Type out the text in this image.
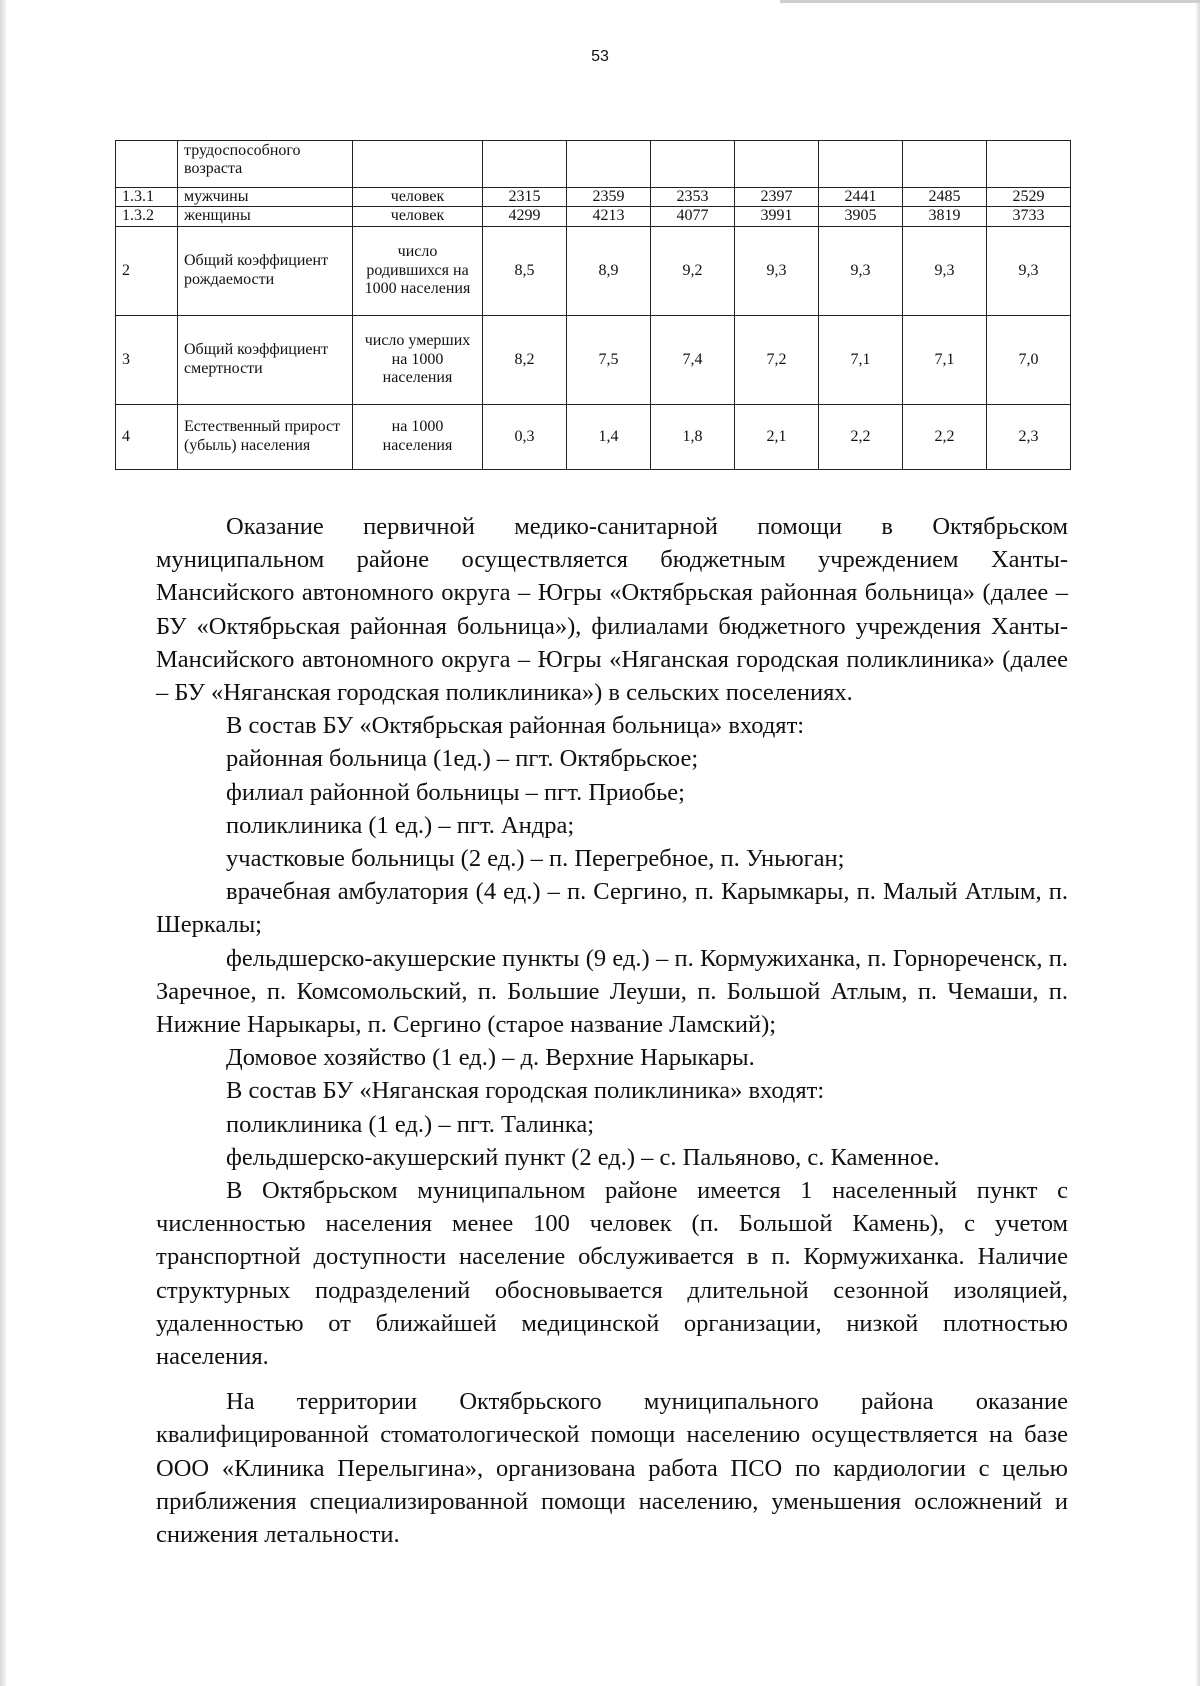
53
	трудоспособного возраста								
1.3.1	мужчины	человек	2315	2359	2353	2397	2441	2485	2529
1.3.2	женщины	человек	4299	4213	4077	3991	3905	3819	3733
2	Общий коэффициент рождаемости	число родившихся на 1000 населения	8,5	8,9	9,2	9,3	9,3	9,3	9,3
3	Общий коэффициент смертности	число умерших на 1000 населения	8,2	7,5	7,4	7,2	7,1	7,1	7,0
4	Естественный прирост (убыль) населения	на 1000 населения	0,3	1,4	1,8	2,1	2,2	2,2	2,3

Оказание первичной медико-санитарной помощи в Октябрьском муниципальном районе осуществляется бюджетным учреждением Ханты-Мансийского автономного округа – Югры «Октябрьская районная больница» (далее – БУ «Октябрьская районная больница»), филиалами бюджетного учреждения Ханты-Мансийского автономного округа – Югры «Няганская городская поликлиника» (далее – БУ «Няганская городская поликлиника») в сельских поселениях.

В состав БУ «Октябрьская районная больница» входят:

районная больница (1ед.) – пгт. Октябрьское;

филиал районной больницы – пгт. Приобье;

поликлиника (1 ед.) – пгт. Андра;

участковые больницы (2 ед.) – п. Перегребное, п. Уньюган;

врачебная амбулатория (4 ед.) – п. Сергино, п. Карымкары, п. Малый Атлым, п. Шеркалы;

фельдшерско-акушерские пункты (9 ед.) – п. Кормужиханка, п. Горнореченск, п. Заречное, п. Комсомольский, п. Большие Леуши, п. Большой Атлым, п. Чемаши, п. Нижние Нарыкары, п. Сергино (старое название Ламский);

Домовое хозяйство (1 ед.) – д. Верхние Нарыкары.

В состав БУ «Няганская городская поликлиника» входят:

поликлиника (1 ед.) – пгт. Талинка;

фельдшерско-акушерский пункт (2 ед.) – с. Пальяново, с. Каменное.

В Октябрьском муниципальном районе имеется 1 населенный пункт с численностью населения менее 100 человек (п. Большой Камень), с учетом транспортной доступности население обслуживается в п. Кормужиханка. Наличие структурных подразделений обосновывается длительной сезонной изоляцией, удаленностью от ближайшей медицинской организации, низкой плотностью населения.

На территории Октябрьского муниципального района оказание квалифицированной стоматологической помощи населению осуществляется на базе ООО «Клиника Перелыгина», организована работа ПСО по кардиологии с целью приближения специализированной помощи населению, уменьшения осложнений и снижения летальности.
